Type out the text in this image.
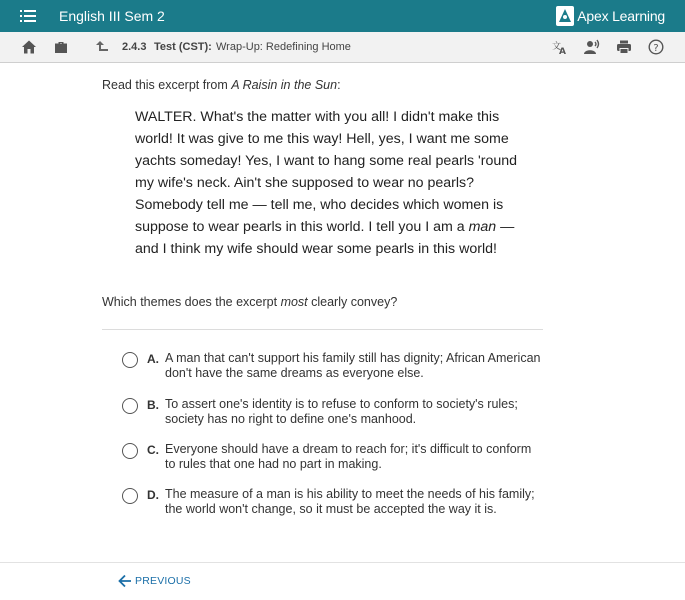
English III Sem 2	Apex Learning
2.4.3 Test (CST): Wrap-Up: Redefining Home	文
A	?
Read this excerpt from A Raisin in the Sun:
WALTER. What's the matter with you all! I didn't make this world! It was give to me this way! Hell, yes, I want me some yachts someday! Yes, I want to hang some real pearls 'round my wife's neck. Ain't she supposed to wear no pearls? Somebody tell me — tell me, who decides which women is suppose to wear pearls in this world. I tell you I am a man — and I think my wife should wear some pearls in this world!
Which themes does the excerpt most clearly convey?
A. A man that can't support his family still has dignity; African American don't have the same dreams as everyone else.
B. To assert one's identity is to refuse to conform to society's rules; society has no right to define one's manhood.
C. Everyone should have a dream to reach for; it's difficult to conform to rules that one had no part in making.
D. The measure of a man is his ability to meet the needs of his family; the world won't change, so it must be accepted the way it is.
PREVIOUS
